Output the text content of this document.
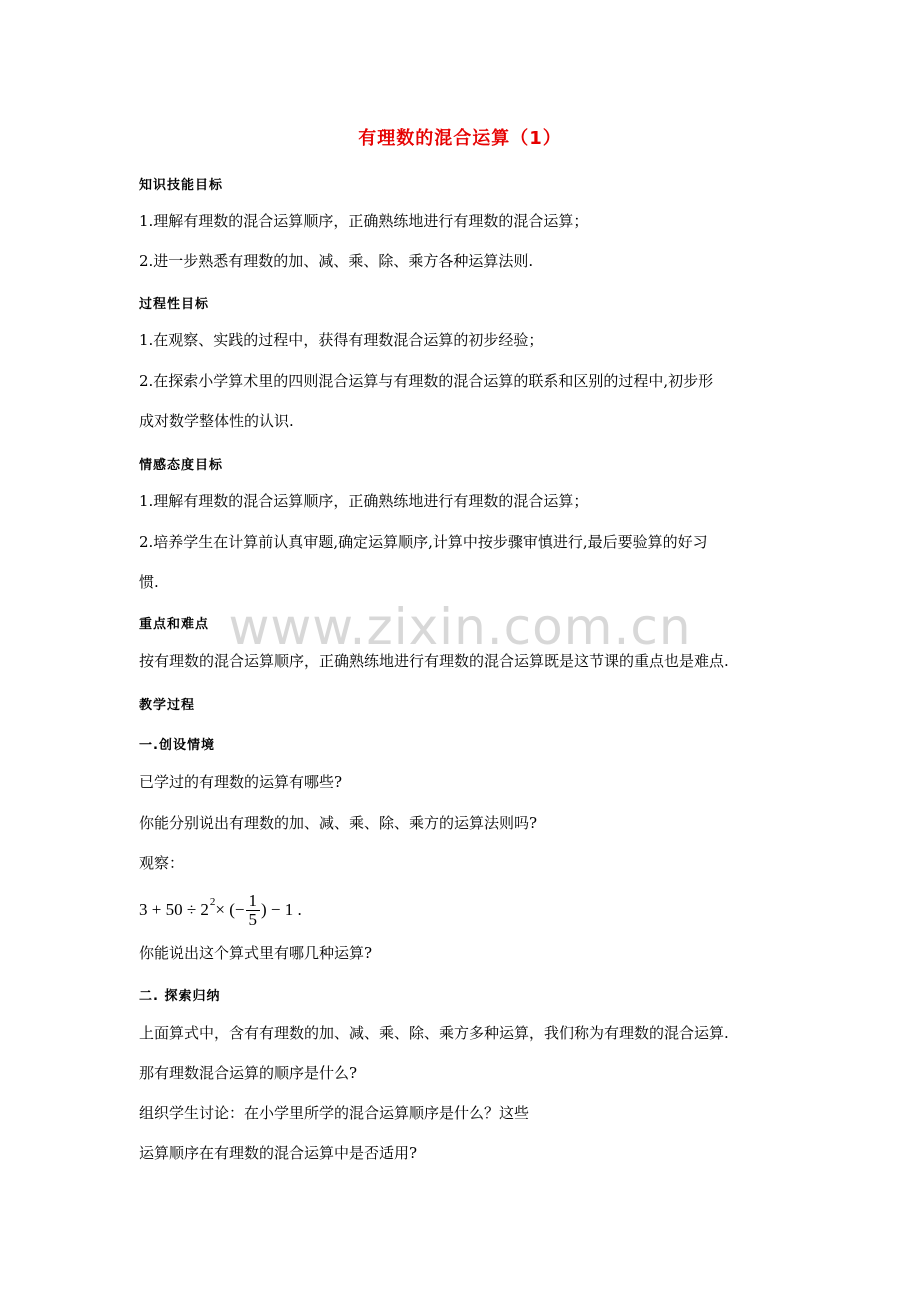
www.zixin.com.cn
有理数的混合运算（1）
知识技能目标
1.理解有理数的混合运算顺序，正确熟练地进行有理数的混合运算；
2.进一步熟悉有理数的加、减、乘、除、乘方各种运算法则.
过程性目标
1.在观察、实践的过程中，获得有理数混合运算的初步经验；
2.在探索小学算术里的四则混合运算与有理数的混合运算的联系和区别的过程中,初步形
成对数学整体性的认识.
情感态度目标
1.理解有理数的混合运算顺序，正确熟练地进行有理数的混合运算；
2.培养学生在计算前认真审题,确定运算顺序,计算中按步骤审慎进行,最后要验算的好习
惯.
重点和难点
按有理数的混合运算顺序，正确熟练地进行有理数的混合运算既是这节课的重点也是难点.
教学过程
一.创设情境
已学过的有理数的运算有哪些?
你能分别说出有理数的加、减、乘、除、乘方的运算法则吗?
观察：
3 + 50 ÷ 2 2 × (− $\frac{1}{5}$ ) − 1 .
你能说出这个算式里有哪几种运算?
二. 探索归纳
上面算式中，含有有理数的加、减、乘、除、乘方多种运算，我们称为有理数的混合运算.
那有理数混合运算的顺序是什么?
组织学生讨论：在小学里所学的混合运算顺序是什么？这些
运算顺序在有理数的混合运算中是否适用?
